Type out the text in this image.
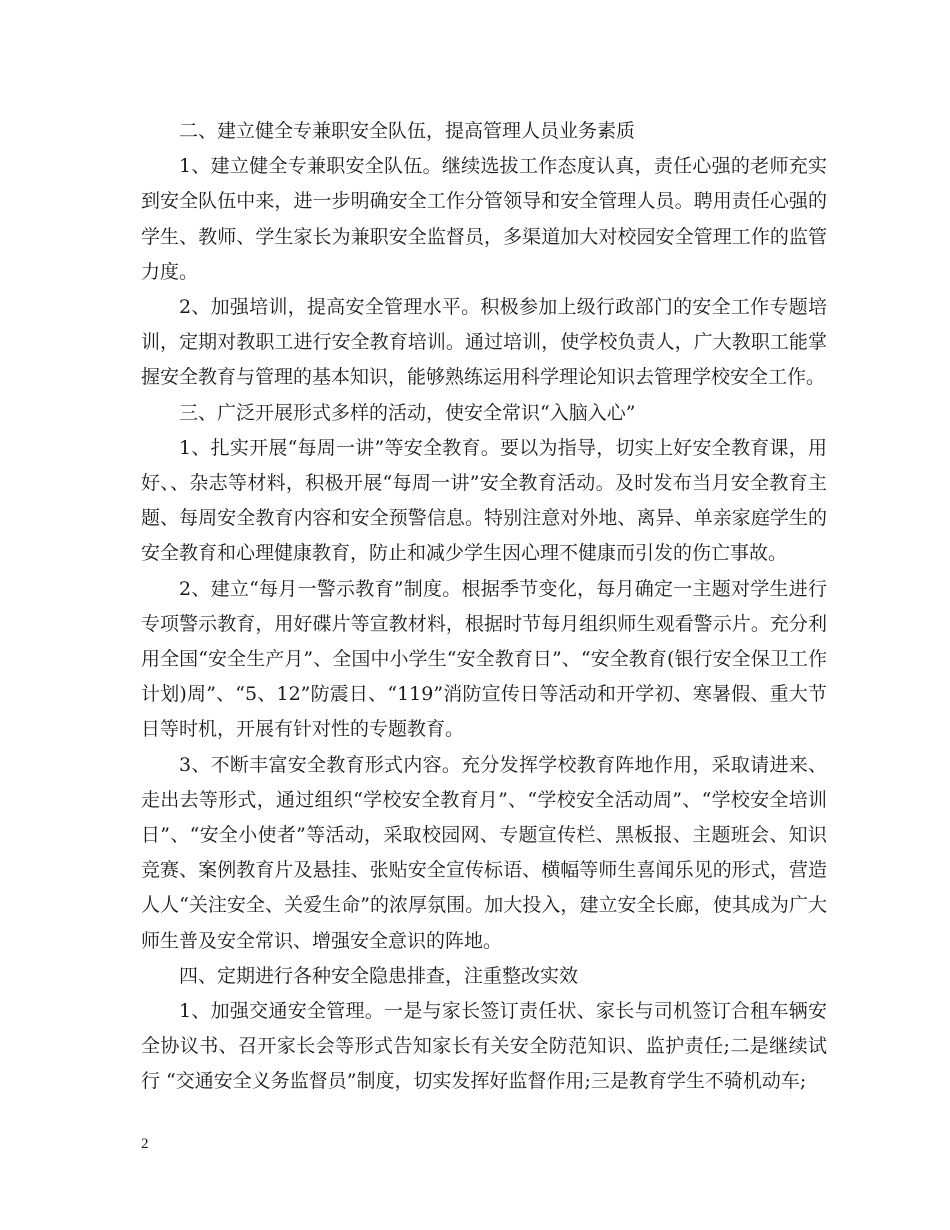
二、建立健全专兼职安全队伍，提高管理人员业务素质

1、建立健全专兼职安全队伍。继续选拔工作态度认真，责任心强的老师充实到安全队伍中来，进一步明确安全工作分管领导和安全管理人员。聘用责任心强的学生、教师、学生家长为兼职安全监督员，多渠道加大对校园安全管理工作的监管力度。

2、加强培训，提高安全管理水平。积极参加上级行政部门的安全工作专题培训，定期对教职工进行安全教育培训。通过培训，使学校负责人，广大教职工能掌握安全教育与管理的基本知识，能够熟练运用科学理论知识去管理学校安全工作。

三、广泛开展形式多样的活动，使安全常识“入脑入心”

1、扎实开展“每周一讲”等安全教育。要以为指导，切实上好安全教育课，用好、、杂志等材料，积极开展“每周一讲”安全教育活动。及时发布当月安全教育主题、每周安全教育内容和安全预警信息。特别注意对外地、离异、单亲家庭学生的安全教育和心理健康教育，防止和减少学生因心理不健康而引发的伤亡事故。

2、建立“每月一警示教育”制度。根据季节变化，每月确定一主题对学生进行专项警示教育，用好碟片等宣教材料，根据时节每月组织师生观看警示片。充分利用全国“安全生产月”、全国中小学生“安全教育日”、“安全教育(银行安全保卫工作计划)周”、“5、12”防震日、“119”消防宣传日等活动和开学初、寒暑假、重大节日等时机，开展有针对性的专题教育。

3、不断丰富安全教育形式内容。充分发挥学校教育阵地作用，采取请进来、走出去等形式，通过组织“学校安全教育月”、“学校安全活动周”、“学校安全培训日”、“安全小使者”等活动，采取校园网、专题宣传栏、黑板报、主题班会、知识竞赛、案例教育片及悬挂、张贴安全宣传标语、横幅等师生喜闻乐见的形式，营造人人“关注安全、关爱生命”的浓厚氛围。加大投入，建立安全长廊，使其成为广大师生普及安全常识、增强安全意识的阵地。

四、定期进行各种安全隐患排查，注重整改实效

1、加强交通安全管理。一是与家长签订责任状、家长与司机签订合租车辆安全协议书、召开家长会等形式告知家长有关安全防范知识、监护责任;二是继续试行 “交通安全义务监督员”制度，切实发挥好监督作用;三是教育学生不骑机动车;

2
